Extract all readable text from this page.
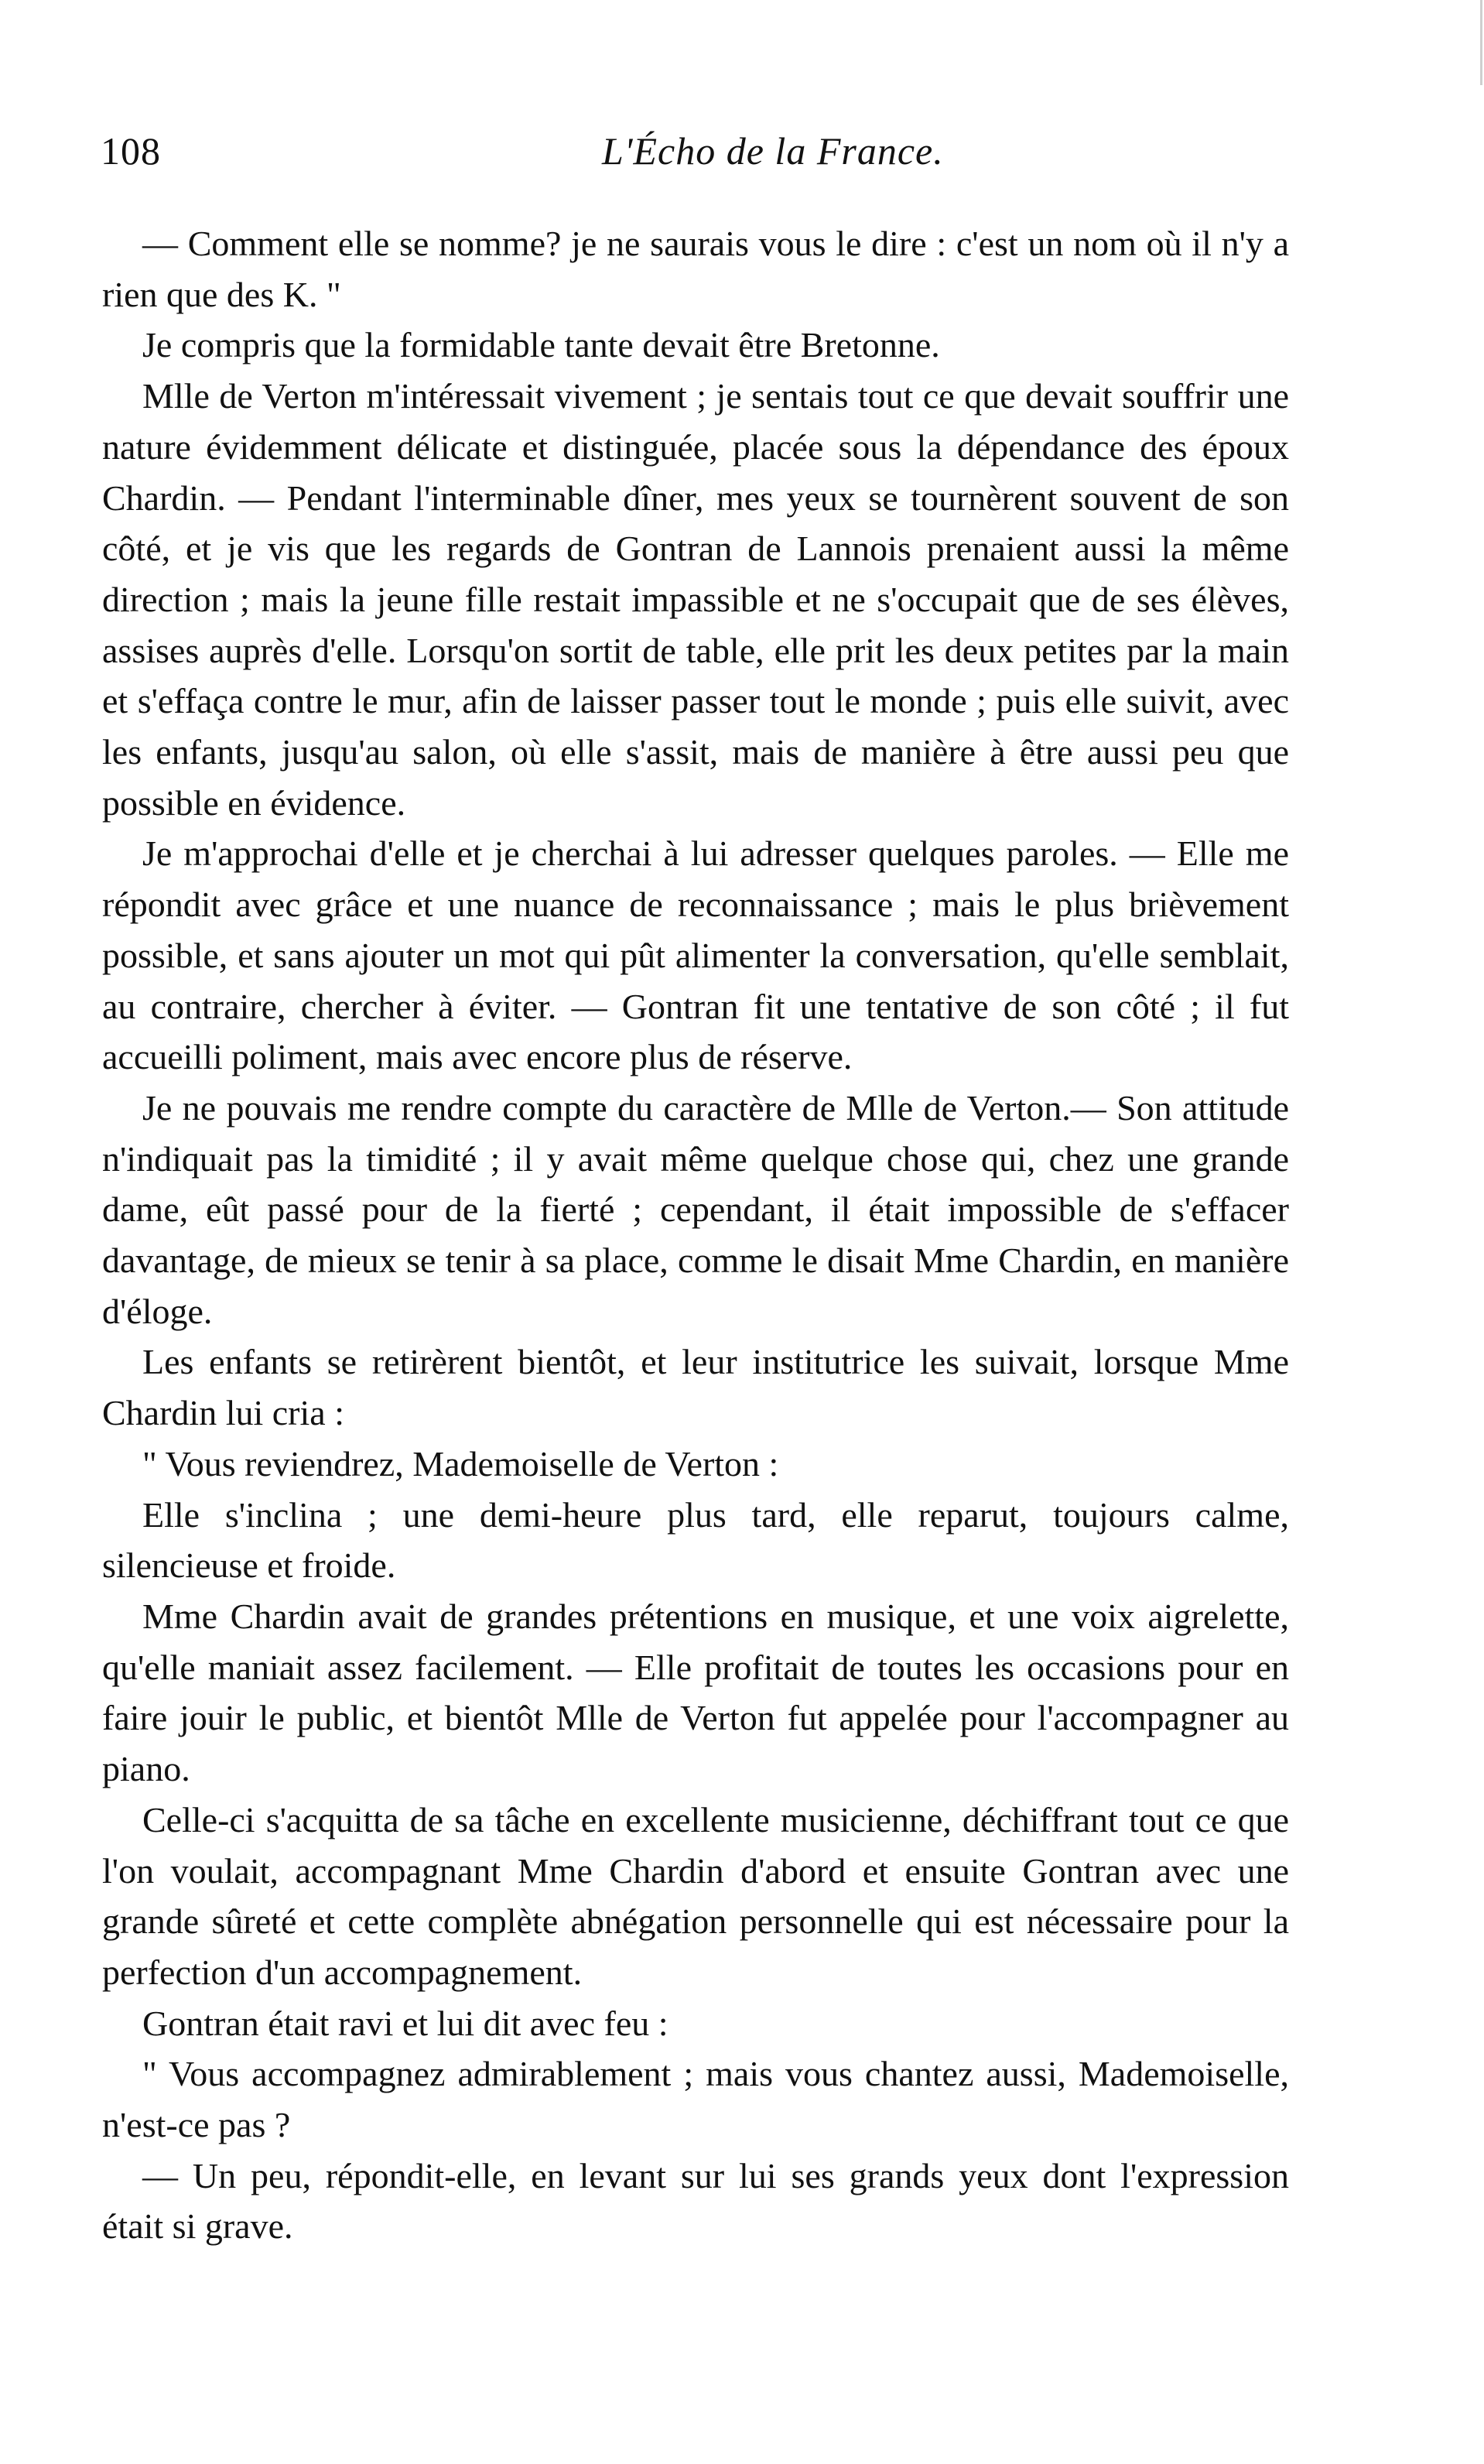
108	L'Écho de la France.

— Comment elle se nomme? je ne saurais vous le dire : c'est un nom où il n'y a rien que des K. "

Je compris que la formidable tante devait être Bretonne.

Mlle de Verton m'intéressait vivement ; je sentais tout ce que devait souffrir une nature évidemment délicate et distinguée, placée sous la dépendance des époux Chardin. — Pendant l'interminable dîner, mes yeux se tournèrent souvent de son côté, et je vis que les regards de Gontran de Lannois prenaient aussi la même direction ; mais la jeune fille restait impassible et ne s'occupait que de ses élèves, assises auprès d'elle. Lorsqu'on sortit de table, elle prit les deux petites par la main et s'effaça contre le mur, afin de laisser passer tout le monde ; puis elle suivit, avec les enfants, jusqu'au salon, où elle s'assit, mais de manière à être aussi peu que possible en évidence.

Je m'approchai d'elle et je cherchai à lui adresser quelques paroles. — Elle me répondit avec grâce et une nuance de reconnaissance ; mais le plus brièvement possible, et sans ajouter un mot qui pût alimenter la conversation, qu'elle semblait, au contraire, chercher à éviter. — Gontran fit une tentative de son côté ; il fut accueilli poliment, mais avec encore plus de réserve.

Je ne pouvais me rendre compte du caractère de Mlle de Verton.— Son attitude n'indiquait pas la timidité ; il y avait même quelque chose qui, chez une grande dame, eût passé pour de la fierté ; cependant, il était impossible de s'effacer davantage, de mieux se tenir à sa place, comme le disait Mme Chardin, en manière d'éloge.

Les enfants se retirèrent bientôt, et leur institutrice les suivait, lorsque Mme Chardin lui cria :

" Vous reviendrez, Mademoiselle de Verton :

Elle s'inclina ; une demi-heure plus tard, elle reparut, toujours calme, silencieuse et froide.

Mme Chardin avait de grandes prétentions en musique, et une voix aigrelette, qu'elle maniait assez facilement. — Elle profitait de toutes les occasions pour en faire jouir le public, et bientôt Mlle de Verton fut appelée pour l'accompagner au piano.

Celle-ci s'acquitta de sa tâche en excellente musicienne, déchiffrant tout ce que l'on voulait, accompagnant Mme Chardin d'abord et ensuite Gontran avec une grande sûreté et cette complète abnégation personnelle qui est nécessaire pour la perfection d'un accompagnement.

Gontran était ravi et lui dit avec feu :

" Vous accompagnez admirablement ; mais vous chantez aussi, Mademoiselle, n'est-ce pas ?

— Un peu, répondit-elle, en levant sur lui ses grands yeux dont l'expression était si grave.
